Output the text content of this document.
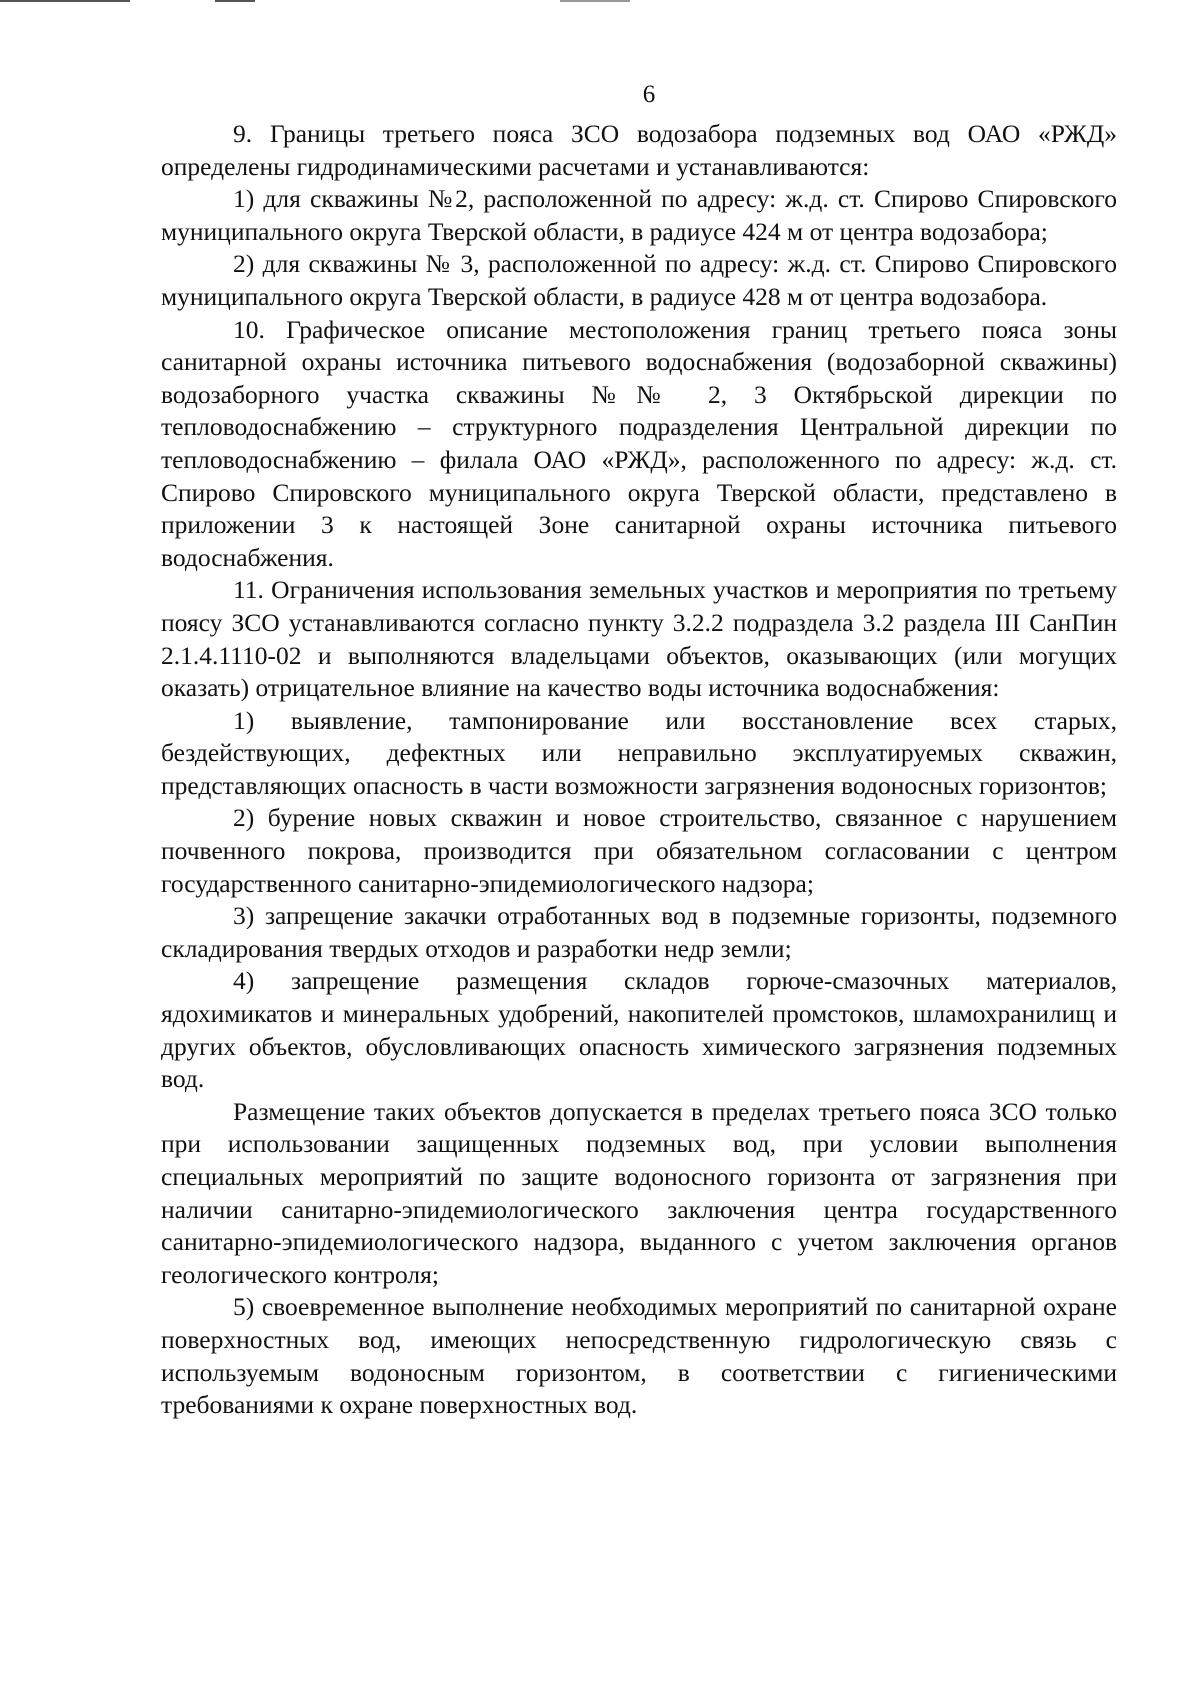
6

9. Границы третьего пояса ЗСО водозабора подземных вод ОАО «РЖД» определены гидродинамическими расчетами и устанавливаются:

1) для скважины №2, расположенной по адресу: ж.д. ст. Спирово Спировского муниципального округа Тверской области, в радиусе 424 м от центра водозабора;

2) для скважины № 3, расположенной по адресу: ж.д. ст. Спирово Спировского муниципального округа Тверской области, в радиусе 428 м от центра водозабора.

10. Графическое описание местоположения границ третьего пояса зоны санитарной охраны источника питьевого водоснабжения (водозаборной скважины) водозаборного участка скважины №№ 2, 3 Октябрьской дирекции по тепловодоснабжению – структурного подразделения Центральной дирекции по тепловодоснабжению – филала ОАО «РЖД», расположенного по адресу: ж.д. ст. Спирово Спировского муниципального округа Тверской области, представлено в приложении 3 к настоящей Зоне санитарной охраны источника питьевого водоснабжения.

11. Ограничения использования земельных участков и мероприятия по третьему поясу ЗСО устанавливаются согласно пункту 3.2.2 подраздела 3.2 раздела III СанПин 2.1.4.1110-02 и выполняются владельцами объектов, оказывающих (или могущих оказать) отрицательное влияние на качество воды источника водоснабжения:

1) выявление, тампонирование или восстановление всех старых, бездействующих, дефектных или неправильно эксплуатируемых скважин, представляющих опасность в части возможности загрязнения водоносных горизонтов;

2) бурение новых скважин и новое строительство, связанное с нарушением почвенного покрова, производится при обязательном согласовании с центром государственного санитарно-эпидемиологического надзора;

3) запрещение закачки отработанных вод в подземные горизонты, подземного складирования твердых отходов и разработки недр земли;

4) запрещение размещения складов горюче-смазочных материалов, ядохимикатов и минеральных удобрений, накопителей промстоков, шламохранилищ и других объектов, обусловливающих опасность химического загрязнения подземных вод.

Размещение таких объектов допускается в пределах третьего пояса ЗСО только при использовании защищенных подземных вод, при условии выполнения специальных мероприятий по защите водоносного горизонта от загрязнения при наличии санитарно-эпидемиологического заключения центра государственного санитарно-эпидемиологического надзора, выданного с учетом заключения органов геологического контроля;

5) своевременное выполнение необходимых мероприятий по санитарной охране поверхностных вод, имеющих непосредственную гидрологическую связь с используемым водоносным горизонтом, в соответствии с гигиеническими требованиями к охране поверхностных вод.
